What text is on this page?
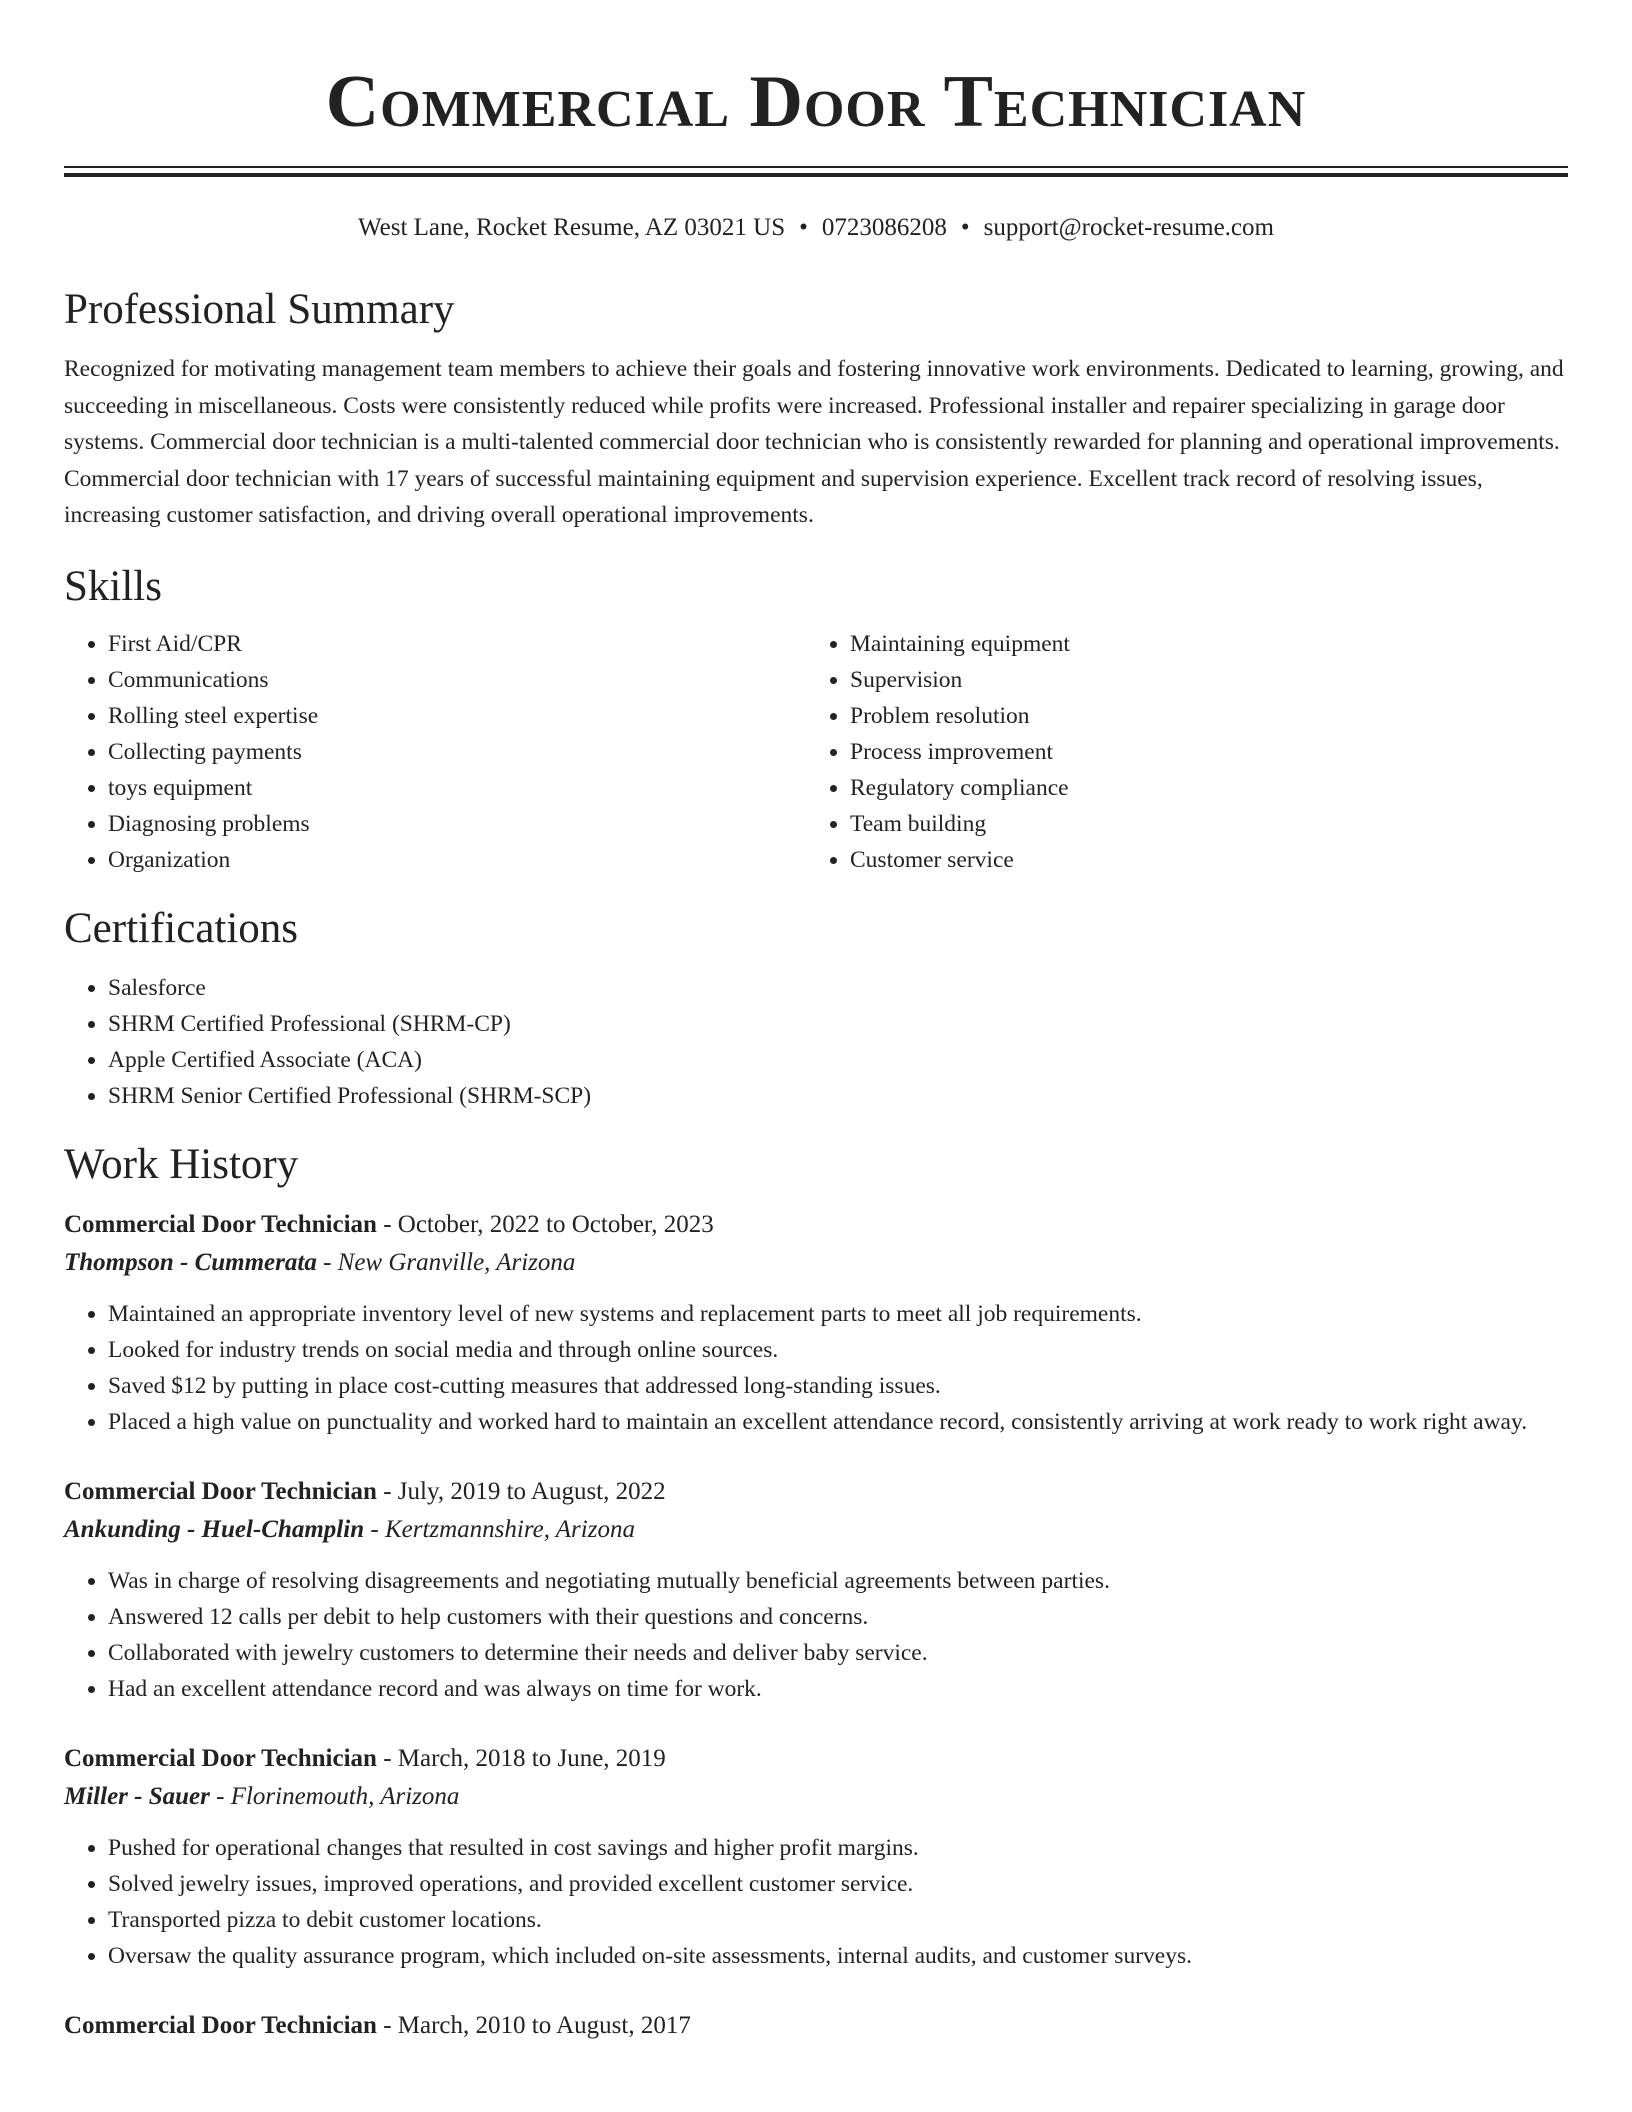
Commercial Door Technician
West Lane, Rocket Resume, AZ 03021 US • 0723086208 • support@rocket-resume.com
Professional Summary

Recognized for motivating management team members to achieve their goals and fostering innovative work environments. Dedicated to learning, growing, and succeeding in miscellaneous. Costs were consistently reduced while profits were increased. Professional installer and repairer specializing in garage door systems. Commercial door technician is a multi-talented commercial door technician who is consistently rewarded for planning and operational improvements. Commercial door technician with 17 years of successful maintaining equipment and supervision experience. Excellent track record of resolving issues, increasing customer satisfaction, and driving overall operational improvements.

Skills
• First Aid/CPR
• Communications
• Rolling steel expertise
• Collecting payments
• toys equipment
• Diagnosing problems
• Organization
• Maintaining equipment
• Supervision
• Problem resolution
• Process improvement
• Regulatory compliance
• Team building
• Customer service
Certifications
• Salesforce
• SHRM Certified Professional (SHRM-CP)
• Apple Certified Associate (ACA)
• SHRM Senior Certified Professional (SHRM-SCP)
Work History
Commercial Door Technician - October, 2022 to October, 2023
Thompson - Cummerata - New Granville, Arizona
• Maintained an appropriate inventory level of new systems and replacement parts to meet all job requirements.
• Looked for industry trends on social media and through online sources.
• Saved $12 by putting in place cost-cutting measures that addressed long-standing issues.
• Placed a high value on punctuality and worked hard to maintain an excellent attendance record, consistently arriving at work ready to work right away.
Commercial Door Technician - July, 2019 to August, 2022
Ankunding - Huel-Champlin - Kertzmannshire, Arizona
• Was in charge of resolving disagreements and negotiating mutually beneficial agreements between parties.
• Answered 12 calls per debit to help customers with their questions and concerns.
• Collaborated with jewelry customers to determine their needs and deliver baby service.
• Had an excellent attendance record and was always on time for work.
Commercial Door Technician - March, 2018 to June, 2019
Miller - Sauer - Florinemouth, Arizona
• Pushed for operational changes that resulted in cost savings and higher profit margins.
• Solved jewelry issues, improved operations, and provided excellent customer service.
• Transported pizza to debit customer locations.
• Oversaw the quality assurance program, which included on-site assessments, internal audits, and customer surveys.
Commercial Door Technician - March, 2010 to August, 2017
